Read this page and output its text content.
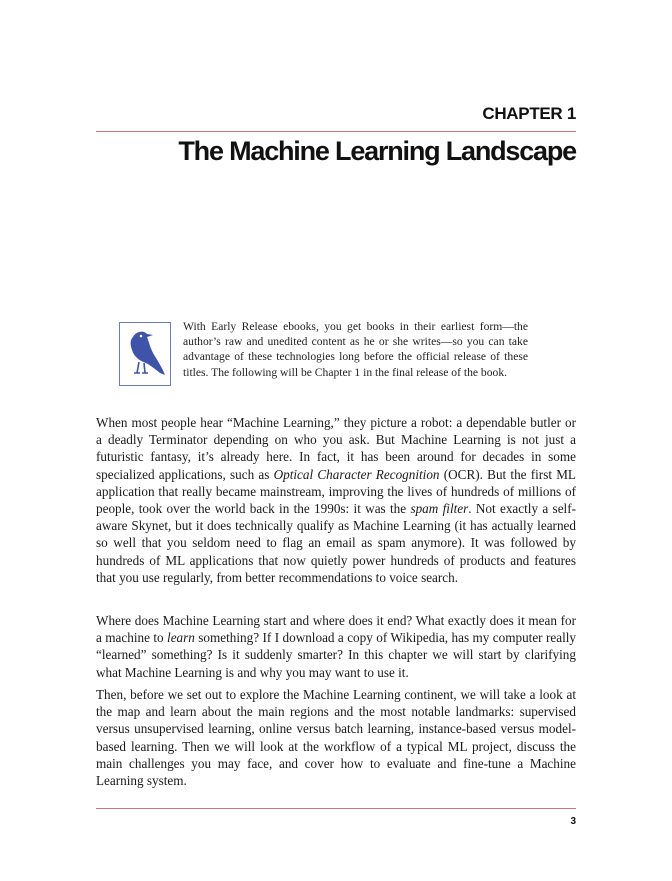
CHAPTER 1
The Machine Learning Landscape
With Early Release ebooks, you get books in their earliest form—the author’s raw and unedited content as he or she writes—so you can take advantage of these technologies long before the official release of these titles. The following will be Chapter 1 in the final release of the book.

When most people hear “Machine Learning,” they picture a robot: a dependable butler or a deadly Terminator depending on who you ask. But Machine Learning is not just a futuristic fantasy, it’s already here. In fact, it has been around for decades in some specialized applications, such as Optical Character Recognition (OCR). But the first ML application that really became mainstream, improving the lives of hundreds of millions of people, took over the world back in the 1990s: it was the spam filter. Not exactly a self-aware Skynet, but it does technically qualify as Machine Learning (it has actually learned so well that you seldom need to flag an email as spam anymore). It was followed by hundreds of ML applications that now quietly power hundreds of products and features that you use regularly, from better recommendations to voice search.

Where does Machine Learning start and where does it end? What exactly does it mean for a machine to learn something? If I download a copy of Wikipedia, has my computer really “learned” something? Is it suddenly smarter? In this chapter we will start by clarifying what Machine Learning is and why you may want to use it.

Then, before we set out to explore the Machine Learning continent, we will take a look at the map and learn about the main regions and the most notable landmarks: supervised versus unsupervised learning, online versus batch learning, instance-based versus model-based learning. Then we will look at the workflow of a typical ML project, discuss the main challenges you may face, and cover how to evaluate and fine-tune a Machine Learning system.

3
